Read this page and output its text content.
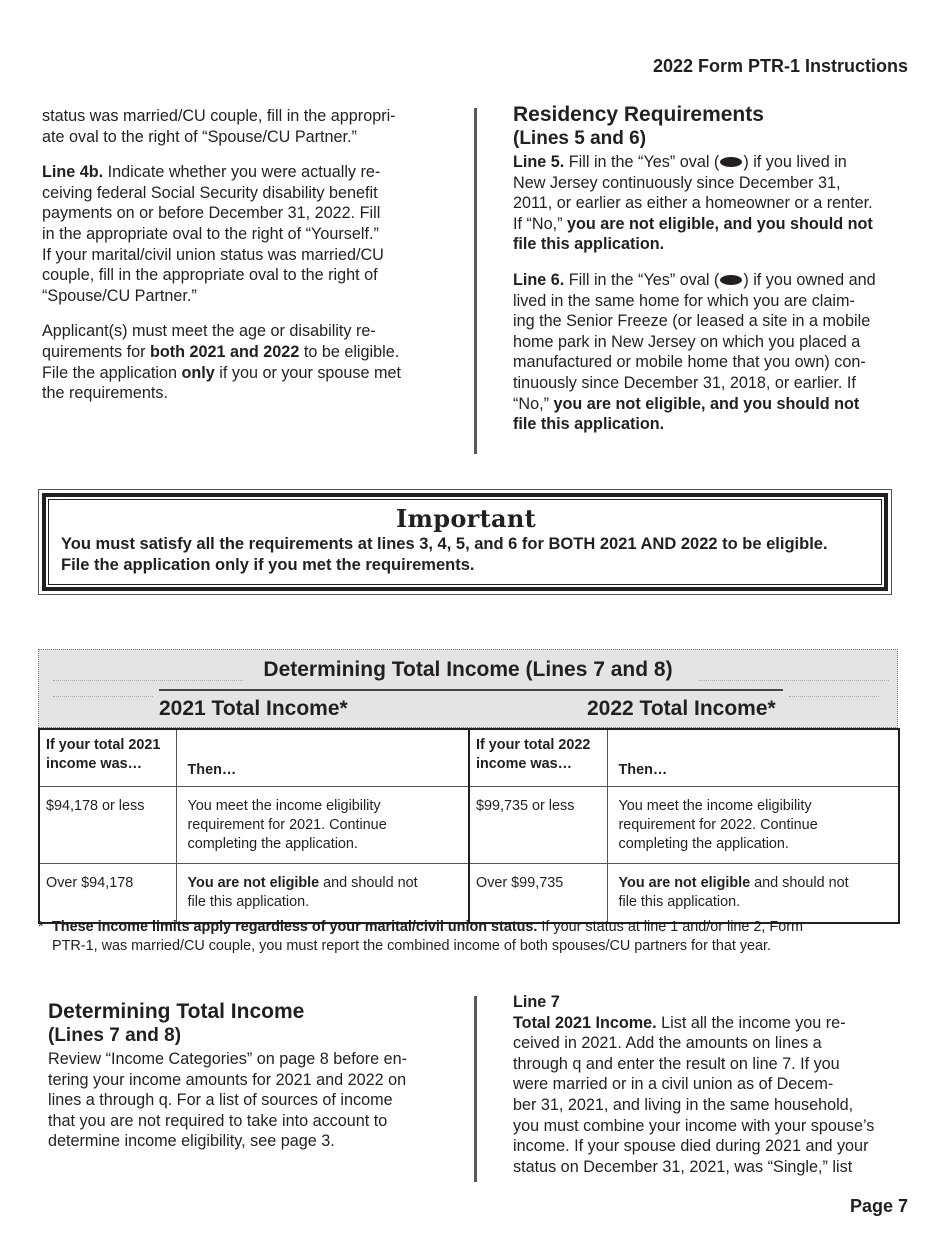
2022 Form PTR-1 Instructions

status was married/CU couple, fill in the appropri-
ate oval to the right of “Spouse/CU Partner.”

Line 4b. Indicate whether you were actually re-
ceiving federal Social Security disability benefit
payments on or before December 31, 2022. Fill
in the appropriate oval to the right of “Yourself.”
If your marital/civil union status was married/CU
couple, fill in the appropriate oval to the right of
“Spouse/CU Partner.”

Applicant(s) must meet the age or disability re-
quirements for both 2021 and 2022 to be eligible.
File the application only if you or your spouse met
the requirements.

Residency Requirements
(Lines 5 and 6)

Line 5. Fill in the “Yes” oval ( ) if you lived in
New Jersey continuously since December 31,
2011, or earlier as either a homeowner or a renter.
If “No,” you are not eligible, and you should not
file this application.

Line 6. Fill in the “Yes” oval ( ) if you owned and
lived in the same home for which you are claim-
ing the Senior Freeze (or leased a site in a mobile
home park in New Jersey on which you placed a
manufactured or mobile home that you own) con-
tinuously since December 31, 2018, or earlier. If
“No,” you are not eligible, and you should not
file this application.

Important

You must satisfy all the requirements at lines 3, 4, 5, and 6 for BOTH 2021 AND 2022 to be eligible.

File the application only if you met the requirements.

Determining Total Income (Lines 7 and 8)
2021 Total Income*	2022 Total Income*
If your total 2021
income was…	Then…	If your total 2022
income was…	Then…
$94,178 or less	You meet the income eligibility
requirement for 2021. Continue
completing the application.	$99,735 or less	You meet the income eligibility
requirement for 2022. Continue
completing the application.
Over $94,178	You are not eligible and should not
file this application.	Over $99,735	You are not eligible and should not
file this application.
* These income limits apply regardless of your marital/civil union status. If your status at line 1 and/or line 2, Form
PTR-1, was married/CU couple, you must report the combined income of both spouses/CU partners for that year.
Determining Total Income
(Lines 7 and 8)

Review “Income Categories” on page 8 before en-
tering your income amounts for 2021 and 2022 on
lines a through q. For a list of sources of income
that you are not required to take into account to
determine income eligibility, see page 3.

Line 7

Total 2021 Income. List all the income you re-
ceived in 2021. Add the amounts on lines a
through q and enter the result on line 7. If you
were married or in a civil union as of Decem-
ber 31, 2021, and living in the same household,
you must combine your income with your spouse’s
income. If your spouse died during 2021 and your
status on December 31, 2021, was “Single,” list

Page 7
